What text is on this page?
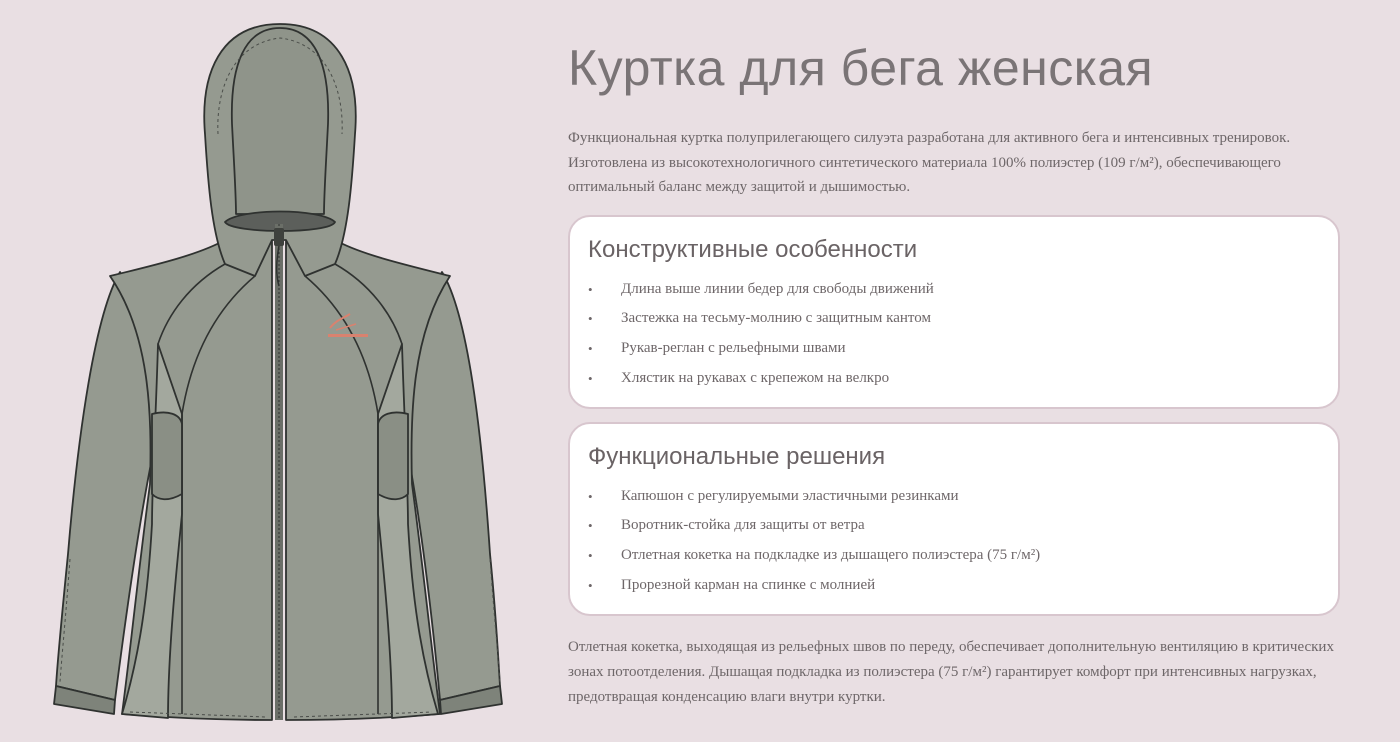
Куртка для бега женская

Функциональная куртка полуприлегающего силуэта разработана для активного бега и интенсивных тренировок. Изготовлена из высокотехнологичного синтетического материала 100% полиэстер (109 г/м²), обеспечивающего оптимальный баланс между защитой и дышимостью.

Конструктивные особенности
• Длина выше линии бедер для свободы движений
• Застежка на тесьму-молнию с защитным кантом
• Рукав-реглан с рельефными швами
• Хлястик на рукавах с крепежом на велкро
Функциональные решения
• Капюшон с регулируемыми эластичными резинками
• Воротник-стойка для защиты от ветра
• Отлетная кокетка на подкладке из дышащего полиэстера (75 г/м²)
• Прорезной карман на спинке с молнией

Отлетная кокетка, выходящая из рельефных швов по переду, обеспечивает дополнительную вентиляцию в критических зонах потоотделения. Дышащая подкладка из полиэстера (75 г/м²) гарантирует комфорт при интенсивных нагрузках, предотвращая конденсацию влаги внутри куртки.
